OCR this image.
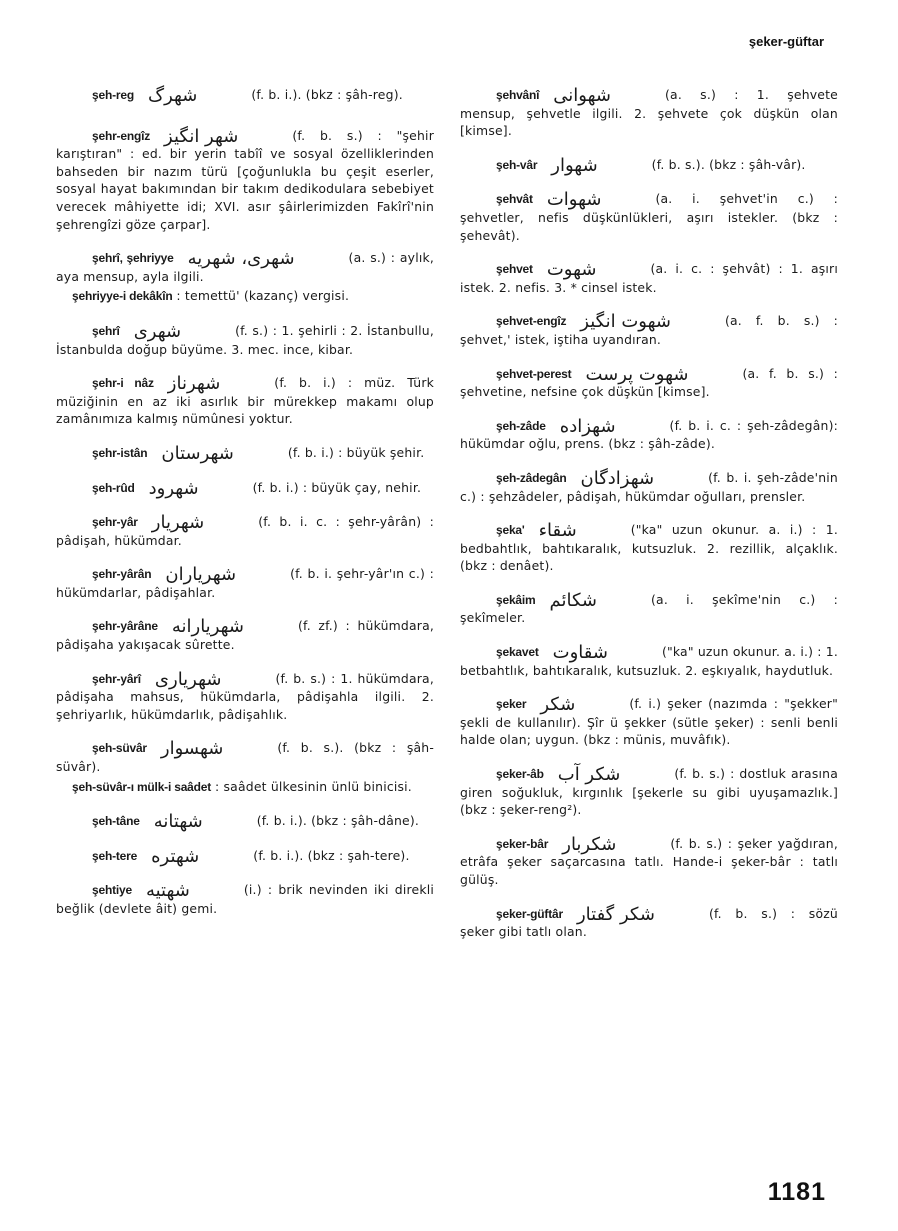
şeker-güftar

şeh-reg شهرگ	(f. b. i.). (bkz : şâh-reg).

şehr-engîz شهر انگیز	(f. b. s.) : "şehir karıştıran" : ed. bir yerin tabîî ve sosyal özelliklerinden bahseden bir nazım türü [çoğunlukla bu çeşit eserler, sosyal hayat bakımından bir takım dedikodulara sebebiyet verecek mâhiyette idi; XVI. asır şâirlerimizden Fakîrî'nin şehrengîzi göze çarpar].

şehrî, şehriyye شهری، شهریه	(a. s.) : aylık, aya mensup, ayla ilgili.

şehriyye-i dekâkîn : temettü' (kazanç) vergisi.

şehrî شهری	(f. s.) : 1. şehirli : 2. İstanbullu, İstanbulda doğup büyüme. 3. mec. ince, kibar.

şehr-i nâz شهرناز	(f. b. i.) : müz. Türk müziğinin en az iki asırlık bir mürekkep makamı olup zamânımıza kalmış nümûnesi yoktur.

şehr-istân شهرستان	(f. b. i.) : büyük şehir.

şeh-rûd شهرود	(f. b. i.) : büyük çay, nehir.

şehr-yâr شهریار	(f. b. i. c. : şehr-yârân) : pâdişah, hükümdar.

şehr-yârân شهریاران	(f. b. i. şehr-yâr'ın c.) : hükümdarlar, pâdişahlar.

şehr-yârâne شهریارانه	(f. zf.) : hükümdara, pâdişaha yakışacak sûrette.

şehr-yârî شهریاری	(f. b. s.) : 1. hükümdara, pâdişaha mahsus, hükümdarla, pâdişahla ilgili. 2. şehriyarlık, hükümdarlık, pâdişahlık.

şeh-süvâr شهسوار	(f. b. s.). (bkz : şâh-süvâr).

şeh-süvâr-ı mülk-i saâdet : saâdet ülkesinin ünlü binicisi.

şeh-tâne شهتانه	(f. b. i.). (bkz : şâh-dâne).

şeh-tere شهتره	(f. b. i.). (bkz : şah-tere).

şehtiye شهتیه	(i.) : brik nevinden iki direkli beğlik (devlete âit) gemi.

şehvânî شهوانی	(a. s.) : 1. şehvete mensup, şehvetle ilgili. 2. şehvete çok düşkün olan [kimse].

şeh-vâr شهوار	(f. b. s.). (bkz : şâh-vâr).

şehvât شهوات	(a. i. şehvet'in c.) : şehvetler, nefis düşkünlükleri, aşırı istekler. (bkz : şehevât).

şehvet شهوت	(a. i. c. : şehvât) : 1. aşırı istek. 2. nefis. 3. * cinsel istek.

şehvet-engîz شهوت انگیز	(a. f. b. s.) : şehvet,' istek, iştiha uyandıran.

şehvet-perest شهوت پرست	(a. f. b. s.) : şehvetine, nefsine çok düşkün [kimse].

şeh-zâde شهزاده	(f. b. i. c. : şeh-zâdegân): hükümdar oğlu, prens. (bkz : şâh-zâde).

şeh-zâdegân شهزادگان	(f. b. i. şeh-zâde'nin c.) : şehzâdeler, pâdişah, hükümdar oğulları, prensler.

şeka' شقاء	("ka" uzun okunur. a. i.) : 1. bedbahtlık, bahtıkaralık, kutsuzluk. 2. rezillik, alçaklık. (bkz : denâet).

şekâim شكائم	(a. i. şekîme'nin c.) : şekîmeler.

şekavet شقاوت	("ka" uzun okunur. a. i.) : 1. betbahtlık, bahtıkaralık, kutsuzluk. 2. eşkıyalık, haydutluk.

şeker شكر	(f. i.) şeker (nazımda : "şekker" şekli de kullanılır). Şîr ü şekker (sütle şeker) : senli benli halde olan; uygun. (bkz : münis, muvâfık).

şeker-âb شكر آب	(f. b. s.) : dostluk arasına giren soğukluk, kırgınlık [şekerle su gibi uyuşamazlık.] (bkz : şeker-reng²).

şeker-bâr شكربار	(f. b. s.) : şeker yağdıran, etrâfa şeker saçarcasına tatlı. Hande-i şeker-bâr : tatlı gülüş.

şeker-güftâr شكر گفتار	(f. b. s.) : sözü şeker gibi tatlı olan.

1181
